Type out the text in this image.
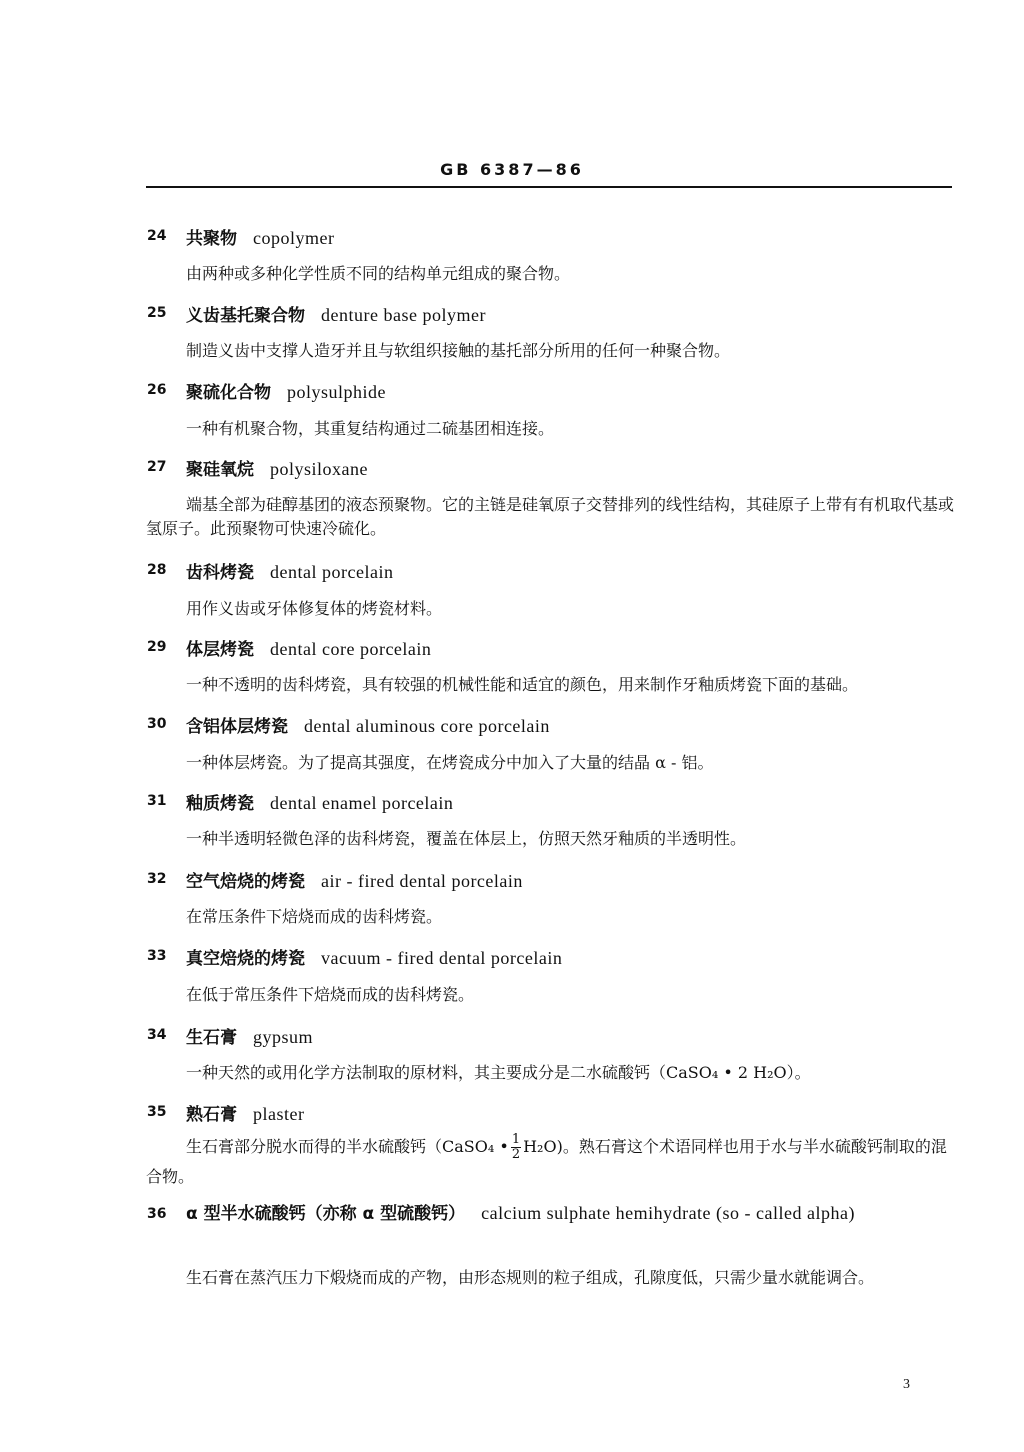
GB 6387—86
24 共聚物 copolymer
由两种或多种化学性质不同的结构单元组成的聚合物。
25 义齿基托聚合物 denture base polymer
制造义齿中支撑人造牙并且与软组织接触的基托部分所用的任何一种聚合物。
26 聚硫化合物 polysulphide
一种有机聚合物，其重复结构通过二硫基团相连接。
27 聚硅氧烷 polysiloxane
端基全部为硅醇基团的液态预聚物。它的主链是硅氧原子交替排列的线性结构，其硅原子上带有有机取代基或氢原子。此预聚物可快速冷硫化。
28 齿科烤瓷 dental porcelain
用作义齿或牙体修复体的烤瓷材料。
29 体层烤瓷 dental core porcelain
一种不透明的齿科烤瓷，具有较强的机械性能和适宜的颜色，用来制作牙釉质烤瓷下面的基础。
30 含铝体层烤瓷 dental aluminous core porcelain
一种体层烤瓷。为了提高其强度，在烤瓷成分中加入了大量的结晶 α - 铝。
31 釉质烤瓷 dental enamel porcelain
一种半透明轻微色泽的齿科烤瓷，覆盖在体层上，仿照天然牙釉质的半透明性。
32 空气焙烧的烤瓷 air - fired dental porcelain
在常压条件下焙烧而成的齿科烤瓷。
33 真空焙烧的烤瓷 vacuum - fired dental porcelain
在低于常压条件下焙烧而成的齿科烤瓷。
34 生石膏 gypsum
一种天然的或用化学方法制取的原材料，其主要成分是二水硫酸钙（CaSO₄ • 2 H₂O）。
35 熟石膏 plaster
生石膏部分脱水而得的半水硫酸钙（CaSO₄ • $\frac{1}{2} H_2O$)。熟石膏这个术语同样也用于水与半水硫酸钙制取的混合物。
36	α 型半水硫酸钙（亦称 α 型硫酸钙） calcium sulphate hemihydrate (so - called alpha)
生石膏在蒸汽压力下煅烧而成的产物，由形态规则的粒子组成，孔隙度低，只需少量水就能调合。
3
